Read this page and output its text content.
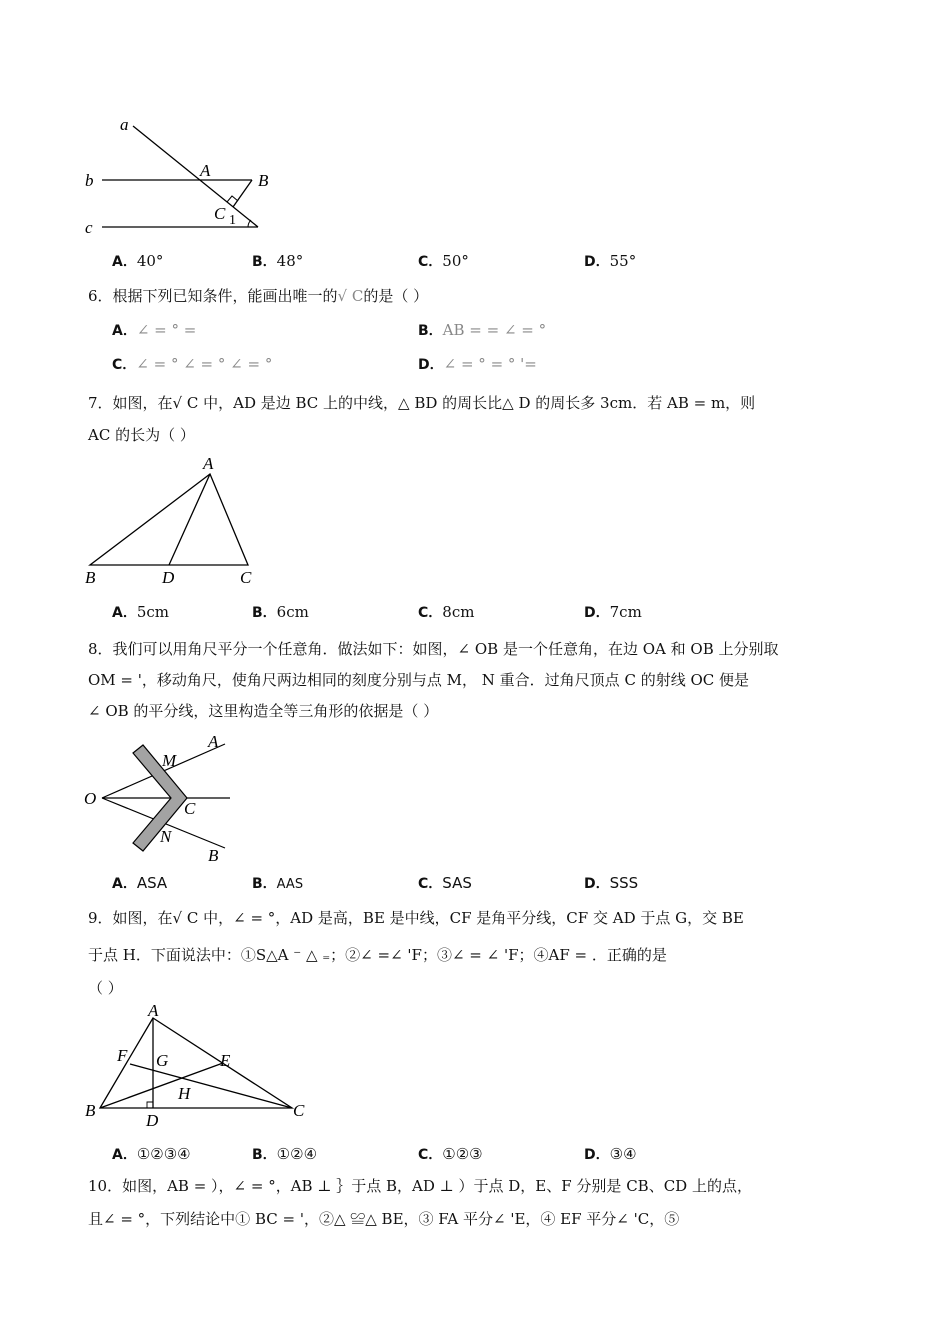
a
b
c
A
B
C 1
A．40°	B．48°	C．50°	D．55°
6．根据下列已知条件，能画出唯一的√ C的是（ ）
A．∠ = ° =	B．AB = = ∠ = °
C．∠ = ° ∠ = ° ∠ = °	D．∠ = ° = ° '=
7．如图，在√ C 中，AD 是边 BC 上的中线，△ BD 的周长比△ D 的周长多 3cm．若 AB = m，则
AC 的长为（ ）
A
B	D	C
A．5cm	B．6cm	C．8cm	D．7cm
8．我们可以用角尺平分一个任意角．做法如下：如图，∠ OB 是一个任意角，在边 OA 和 OB 上分别取
OM = '，移动角尺，使角尺两边相同的刻度分别与点 M， N 重合．过角尺顶点 C 的射线 OC 便是
∠ OB 的平分线，这里构造全等三角形的依据是（ ）
O
M
A
C
N
B
A．ASA	B．AAS	C．SAS	D．SSS
9．如图，在√ C 中，∠ = °，AD 是高，BE 是中线，CF 是角平分线，CF 交 AD 于点 G，交 BE
于点 H．下面说法中：①S△A ⁻ △ ₌；②∠ =∠ 'F；③∠ = ∠ 'F；④AF = ．正确的是
（ ）
A
F G	E
H
B
D
C
A．①②③④	B．①②④	C．①②③	D．③④
10．如图，AB = ），∠ = °，AB ⊥ ｝于点 B，AD ⊥ ）于点 D，E、F 分别是 CB、CD 上的点，
且∠ = °，下列结论中① BC = '，②△ ≌△ BE，③ FA 平分∠ 'E，④ EF 平分∠ 'C，⑤
